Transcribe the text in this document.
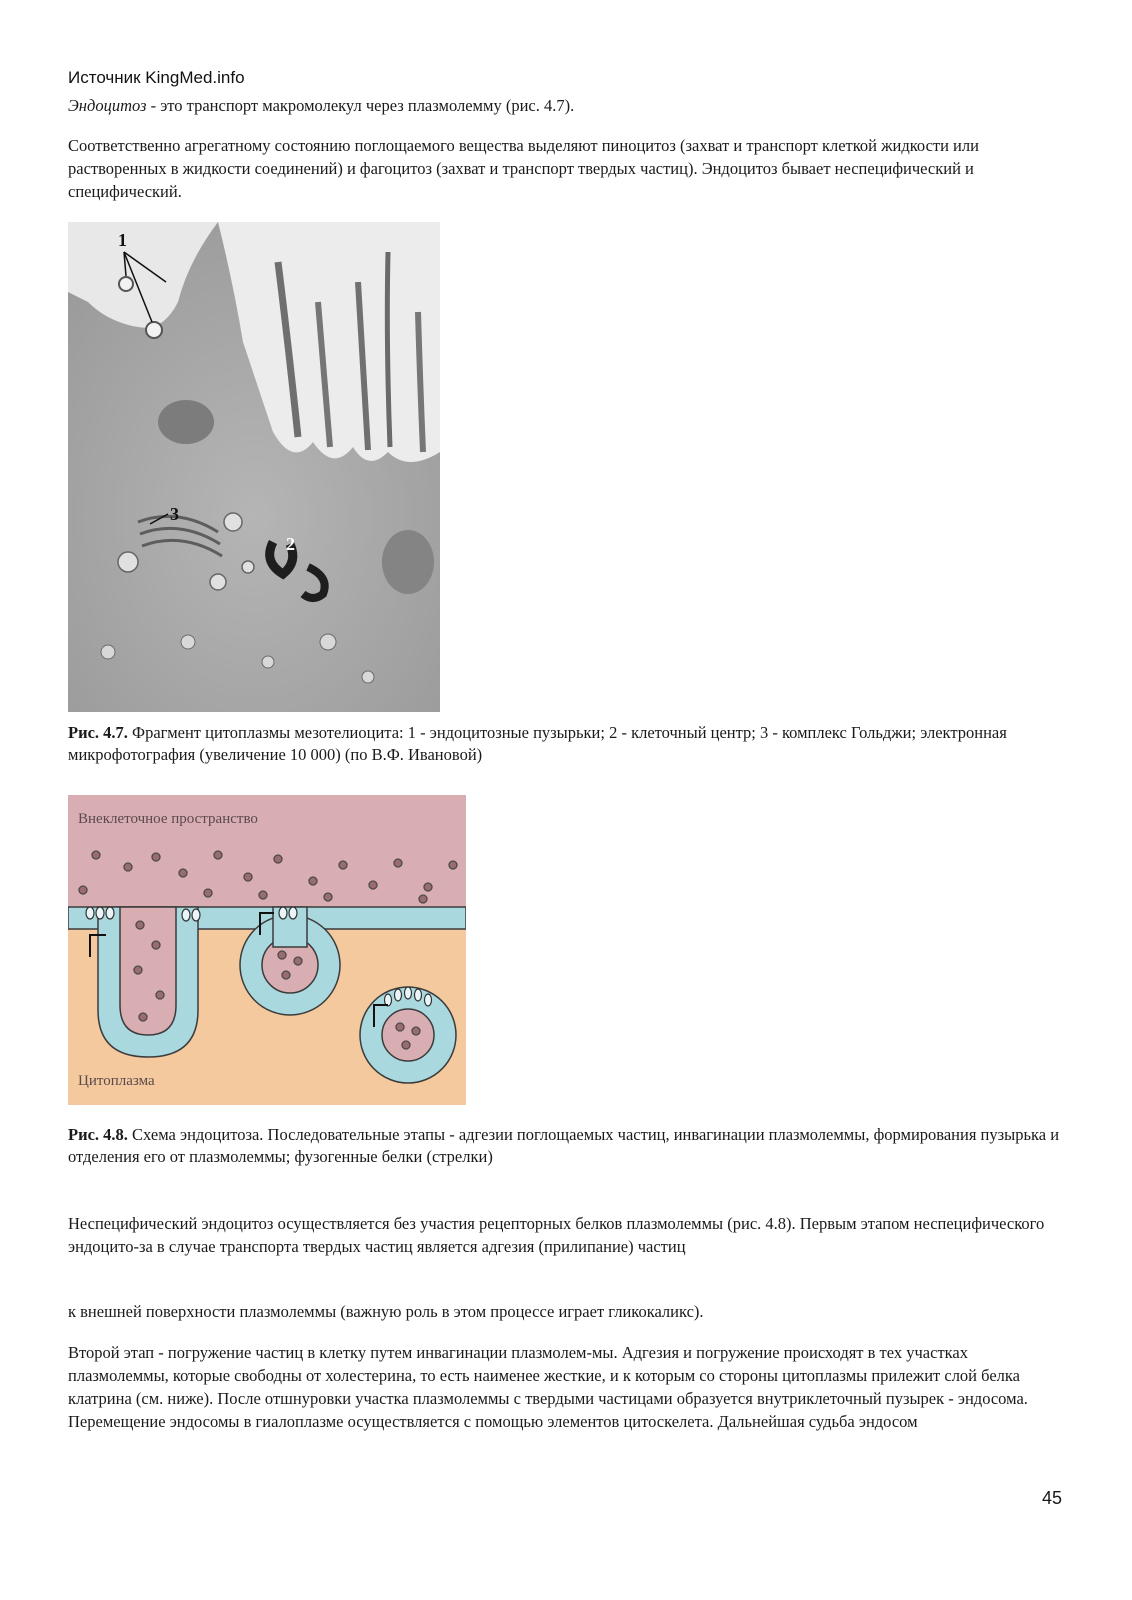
Источник KingMed.info

Эндоцитоз - это транспорт макромолекул через плазмолемму (рис. 4.7).

Соответственно агрегатному состоянию поглощаемого вещества выделяют пиноцитоз (захват и транспорт клеткой жидкости или растворенных в жидкости соединений) и фагоцитоз (захват и транспорт твердых частиц). Эндоцитоз бывает неспецифический и специфический.

1
3
2

Рис. 4.7. Фрагмент цитоплазмы мезотелиоцита: 1 - эндоцитозные пузырьки; 2 - клеточный центр; 3 - комплекс Гольджи; электронная микрофотография (увеличение 10 000) (по В.Ф. Ивановой)

Внеклеточное пространство
Цитоплазма

Рис. 4.8. Схема эндоцитоза. Последовательные этапы - адгезии поглощаемых частиц, инвагинации плазмолеммы, формирования пузырька и отделения его от плазмолеммы; фузогенные белки (стрелки)

Неспецифический эндоцитоз осуществляется без участия рецепторных белков плазмолеммы (рис. 4.8). Первым этапом неспецифического эндоцито-за в случае транспорта твердых частиц является адгезия (прилипание) частиц

к внешней поверхности плазмолеммы (важную роль в этом процессе играет гликокаликс).

Второй этап - погружение частиц в клетку путем инвагинации плазмолем-мы. Адгезия и погружение происходят в тех участках плазмолеммы, которые свободны от холестерина, то есть наименее жесткие, и к которым со стороны цитоплазмы прилежит слой белка клатрина (см. ниже). После отшнуровки участка плазмолеммы с твердыми частицами образуется внутриклеточный пузырек - эндосома. Перемещение эндосомы в гиалоплазме осуществляется с помощью элементов цитоскелета. Дальнейшая судьба эндосом

45
